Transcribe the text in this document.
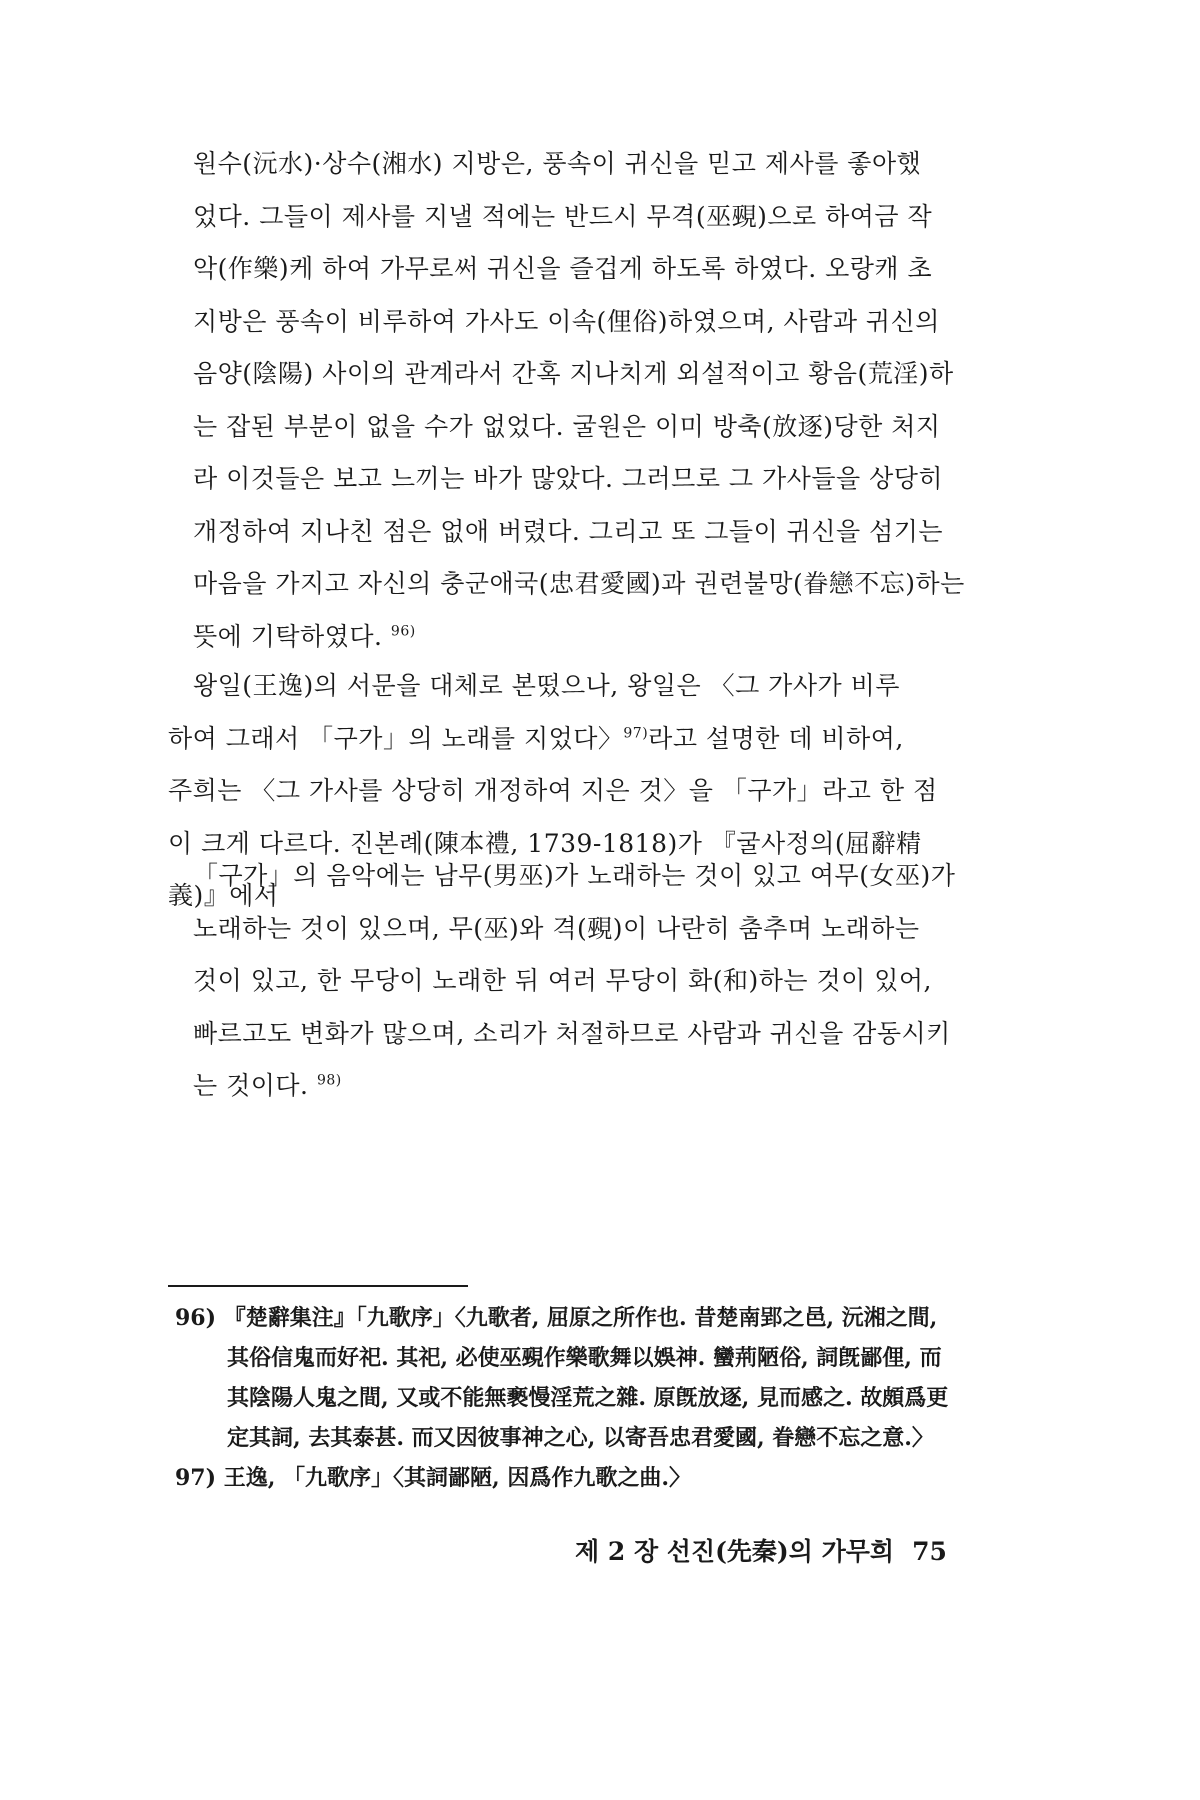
원수(沅水)·상수(湘水) 지방은, 풍속이 귀신을 믿고 제사를 좋아했
었다. 그들이 제사를 지낼 적에는 반드시 무격(巫覡)으로 하여금 작
악(作樂)케 하여 가무로써 귀신을 즐겁게 하도록 하였다. 오랑캐 초
지방은 풍속이 비루하여 가사도 이속(俚俗)하였으며, 사람과 귀신의
음양(陰陽) 사이의 관계라서 간혹 지나치게 외설적이고 황음(荒淫)하
는 잡된 부분이 없을 수가 없었다. 굴원은 이미 방축(放逐)당한 처지
라 이것들은 보고 느끼는 바가 많았다. 그러므로 그 가사들을 상당히
개정하여 지나친 점은 없애 버렸다. 그리고 또 그들이 귀신을 섬기는
마음을 가지고 자신의 충군애국(忠君愛國)과 권련불망(眷戀不忘)하는
뜻에 기탁하였다. $^{96)}$
왕일(王逸)의 서문을 대체로 본떴으나, 왕일은 〈그 가사가 비루
하여 그래서 「구가」의 노래를 지었다〉$^{97)}$라고 설명한 데 비하여,
주희는 〈그 가사를 상당히 개정하여 지은 것〉을 「구가」라고 한 점
이 크게 다르다. 진본례(陳本禮, 1739-1818)가 『굴사정의(屈辭精
義)』에서
「구가」의 음악에는 남무(男巫)가 노래하는 것이 있고 여무(女巫)가
노래하는 것이 있으며, 무(巫)와 격(覡)이 나란히 춤추며 노래하는
것이 있고, 한 무당이 노래한 뒤 여러 무당이 화(和)하는 것이 있어,
빠르고도 변화가 많으며, 소리가 처절하므로 사람과 귀신을 감동시키
는 것이다. $^{98)}$
96) 『楚辭集注』「九歌序」〈九歌者, 屈原之所作也. 昔楚南郢之邑, 沅湘之間,
其俗信鬼而好祀. 其祀, 必使巫覡作樂歌舞以娛神. 蠻荊陋俗, 詞旣鄙俚, 而
其陰陽人鬼之間, 又或不能無褻慢淫荒之雜. 原旣放逐, 見而感之. 故頗爲更
定其詞, 去其泰甚. 而又因彼事神之心, 以寄吾忠君愛國, 眷戀不忘之意.〉
97) 王逸, 「九歌序」〈其詞鄙陋, 因爲作九歌之曲.〉
제 2 장 선진(先秦)의 가무희 75
